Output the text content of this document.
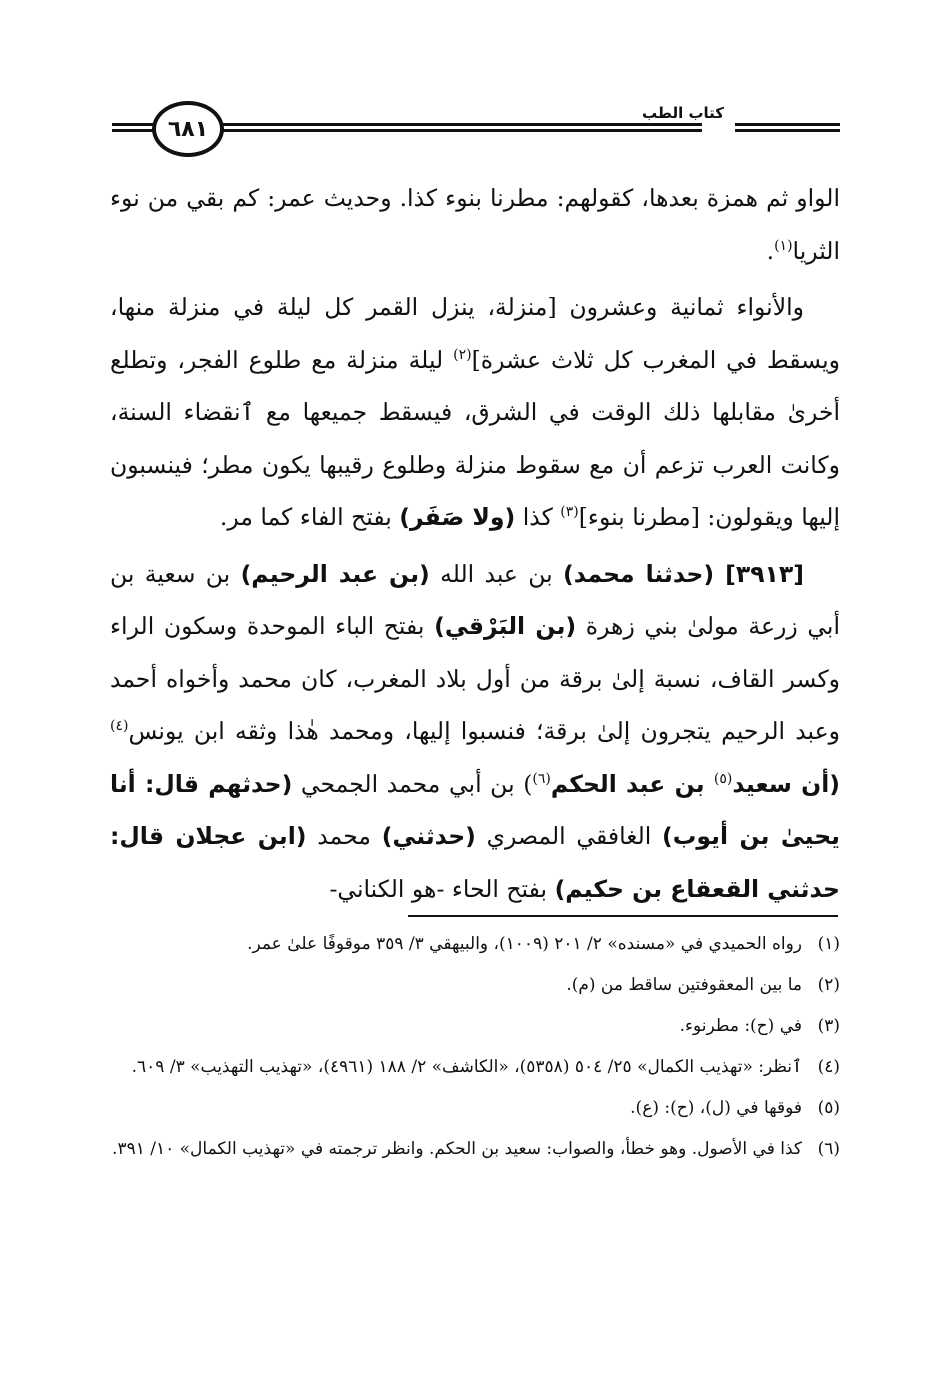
كتاب الطب
٦٨١

الواو ثم همزة بعدها، كقولهم: مطرنا بنوء كذا. وحديث عمر: كم بقي من نوء الثريا$^{(١)}$.

والأنواء ثمانية وعشرون [منزلة، ينزل القمر كل ليلة في منزلة منها، ويسقط في المغرب كل ثلاث عشرة]$^{(٢)}$ ليلة منزلة مع طلوع الفجر، وتطلع أخرىٰ مقابلها ذلك الوقت في الشرق، فيسقط جميعها مع ٱنقضاء السنة، وكانت العرب تزعم أن مع سقوط منزلة وطلوع رقيبها يكون مطر؛ فينسبون إليها ويقولون: [مطرنا بنوء]$^{(٣)}$ كذا (ولا صَفَر) بفتح الفاء كما مر.

[٣٩١٣] (حدثنا محمد) بن عبد الله (بن عبد الرحيم) بن سعية بن أبي زرعة مولىٰ بني زهرة (بن البَرْقي) بفتح الباء الموحدة وسكون الراء وكسر القاف، نسبة إلىٰ برقة من أول بلاد المغرب، كان محمد وأخواه أحمد وعبد الرحيم يتجرون إلىٰ برقة؛ فنسبوا إليها، ومحمد هٰذا وثقه ابن يونس$^{(٤)}$ (أن سعيد$^{(٥)}$ بن عبد الحكم$^{(٦)}$) بن أبي محمد الجمحي (حدثهم قال: أنا يحيىٰ بن أيوب) الغافقي المصري (حدثني) محمد (ابن عجلان قال: حدثني القعقاع بن حكيم) بفتح الحاء -هو الكناني-

(١)
رواه الحميدي في «مسنده» ٢/ ٢٠١ (١٠٠٩)، والبيهقي ٣/ ٣٥٩ موقوفًا علىٰ عمر.
(٢)
ما بين المعقوفتين ساقط من (م).
(٣)
في (ح): مطرنوء.
(٤)
ٱنظر: «تهذيب الكمال» ٢٥/ ٥٠٤ (٥٣٥٨)، «الكاشف» ٢/ ١٨٨ (٤٩٦١)، «تهذيب التهذيب» ٣/ ٦٠٩.
(٥)
فوقها في (ل)، (ح): (ع).
(٦)
كذا في الأصول. وهو خطأ، والصواب: سعيد بن الحكم. وانظر ترجمته في «تهذيب الكمال» ١٠/ ٣٩١.
